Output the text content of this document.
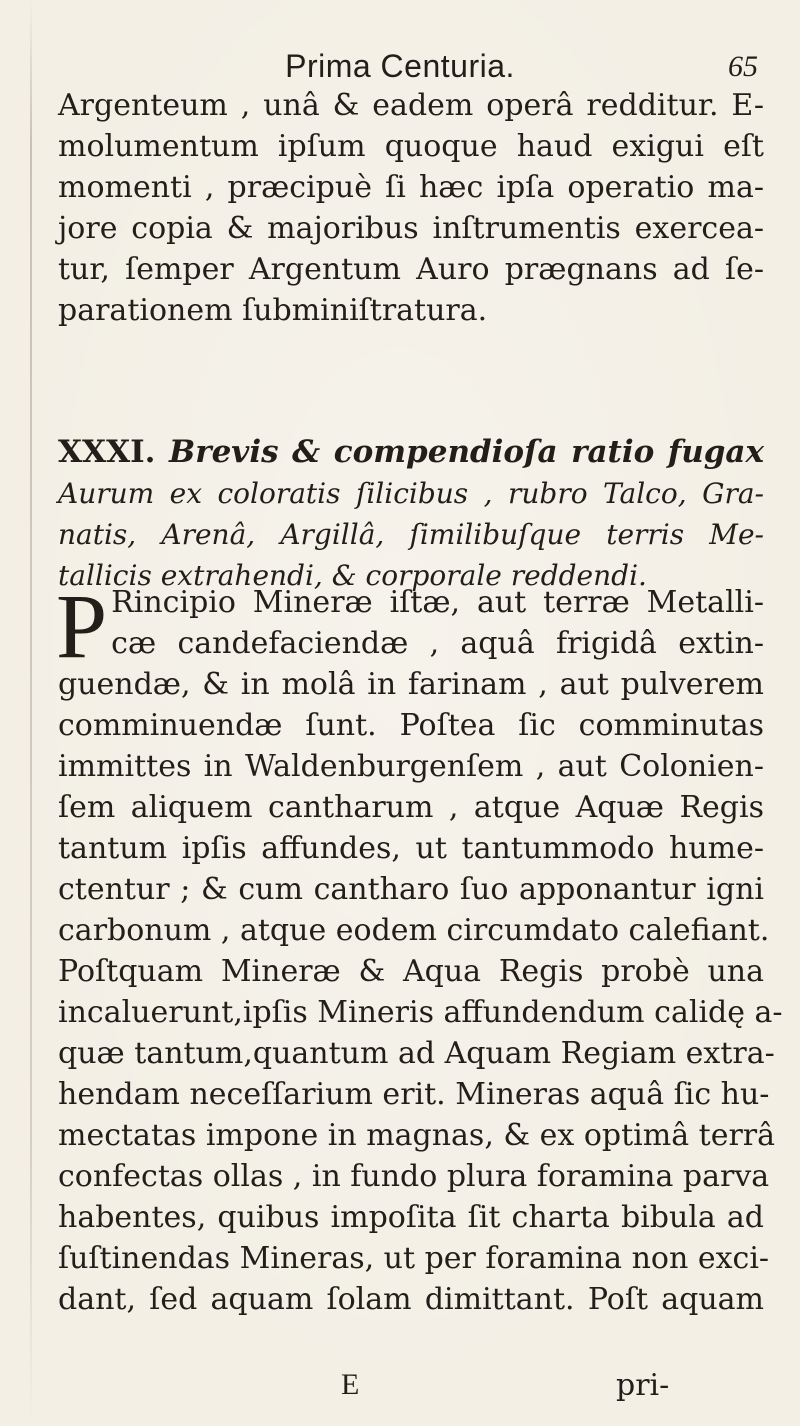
Prima Centuria.	65
Argenteum , unâ & eadem operâ redditur. E-
molumentum ipſum quoque haud exigui eſt
momenti , præcipuè ſi hæc ipſa operatio ma-
jore copia & majoribus inſtrumentis exercea-
tur, ſemper Argentum Auro prægnans ad ſe-
parationem ſubminiſtratura.
XXXI. Brevis & compendioſa ratio fugax
Aurum ex coloratis ſilicibus , rubro Talco, Gra-
natis, Arenâ, Argillâ, ſimilibuſque terris Me-
tallicis extrahendi, & corporale reddendi.
P Rincipio Mineræ iſtæ, aut terræ Metalli-
cæ candefaciendæ , aquâ frigidâ extin-
guendæ, & in molâ in farinam , aut pulverem
comminuendæ ſunt. Poſtea ſic comminutas
immittes in Waldenburgenſem , aut Colonien-
ſem aliquem cantharum , atque Aquæ Regis
tantum ipſis affundes, ut tantummodo hume-
ctentur ; & cum cantharo ſuo apponantur igni
carbonum , atque eodem circumdato calefiant.
Poſtquam Mineræ & Aqua Regis probè una
incaluerunt,ipſis Mineris affundendum calidę a-
quæ tantum,quantum ad Aquam Regiam extra-
hendam neceſſarium erit. Mineras aquâ ſic hu-
mectatas impone in magnas, & ex optimâ terrâ
confectas ollas , in fundo plura foramina parva
habentes, quibus impoſita ſit charta bibula ad
ſuſtinendas Mineras, ut per foramina non exci-
dant, ſed aquam ſolam dimittant. Poſt aquam
E	pri-
